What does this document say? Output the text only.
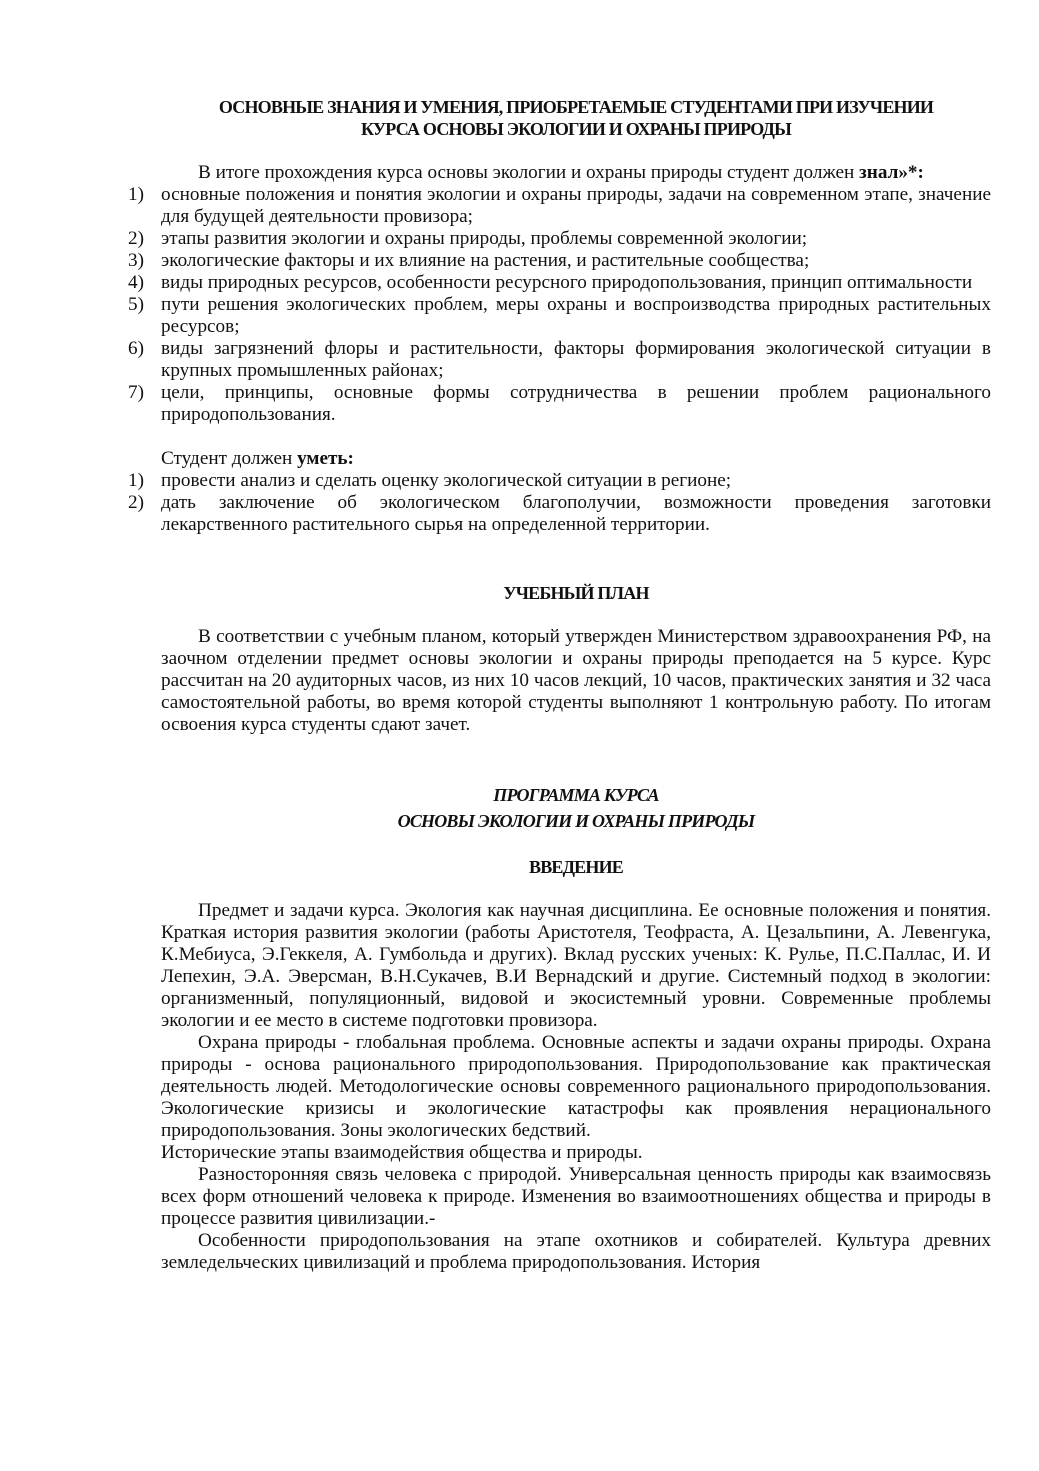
ОСНОВНЫЕ ЗНАНИЯ И УМЕНИЯ, ПРИОБРЕТАЕМЫЕ СТУДЕНТАМИ ПРИ ИЗУЧЕНИИ
КУРСА ОСНОВЫ ЭКОЛОГИИ И ОХРАНЫ ПРИРОДЫ

В итоге прохождения курса основы экологии и охраны природы студент должен знал»*:

1) основные положения и понятия экологии и охраны природы, задачи на современном этапе, значение для будущей деятельности провизора;
2) этапы развития экологии и охраны природы, проблемы современной экологии;
3) экологические факторы и их влияние на растения, и растительные сообщества;
4) виды природных ресурсов, особенности ресурсного природопользования, принцип оптимальности
5) пути решения экологических проблем, меры охраны и воспроизводства природных растительных ресурсов;
6) виды загрязнений флоры и растительности, факторы формирования экологической ситуации в крупных промышленных районах;
7) цели, принципы, основные формы сотрудничества в решении проблем рационального природопользования.

Студент должен уметь:

1) провести анализ и сделать оценку экологической ситуации в регионе;
2) дать заключение об экологическом благополучии, возможности проведения заготовки лекарственного растительного сырья на определенной территории.
УЧЕБНЫЙ ПЛАН

В соответствии с учебным планом, который утвержден Министерством здравоохранения РФ, на заочном отделении предмет основы экологии и охраны природы преподается на 5 курсе. Курс рассчитан на 20 аудиторных часов, из них 10 часов лекций, 10 часов, практических занятия и 32 часа самостоятельной работы, во время которой студенты выполняют 1 контрольную работу. По итогам освоения курса студенты сдают зачет.

ПРОГРАММА КУРСА
ОСНОВЫ ЭКОЛОГИИ И ОХРАНЫ ПРИРОДЫ
ВВЕДЕНИЕ

Предмет и задачи курса. Экология как научная дисциплина. Ее основные положения и понятия. Краткая история развития экологии (работы Аристотеля, Теофраста, А. Цезальпини, А. Левенгука, К.Мебиуса, Э.Геккеля, А. Гумбольда и других). Вклад русских ученых: К. Рулье, П.С.Паллас, И. И Лепехин, Э.А. Эверсман, В.Н.Сукачев, В.И Вернадский и другие. Системный подход в экологии: организменный, популяционный, видовой и экосистемный уровни. Современные проблемы экологии и ее место в системе подготовки провизора.

Охрана природы - глобальная проблема. Основные аспекты и задачи охраны природы. Охрана природы - основа рационального природопользования. Природопользование как практическая деятельность людей. Методологические основы современного рационального природопользования. Экологические кризисы и экологические катастрофы как проявления нерационального природопользования. Зоны экологических бедствий.

Исторические этапы взаимодействия общества и природы.

Разносторонняя связь человека с природой. Универсальная ценность природы как взаимосвязь всех форм отношений человека к природе. Изменения во взаимоотношениях общества и природы в процессе развития цивилизации.-

Особенности природопользования на этапе охотников и собирателей. Культура древних земледельческих цивилизаций и проблема природопользования. История
